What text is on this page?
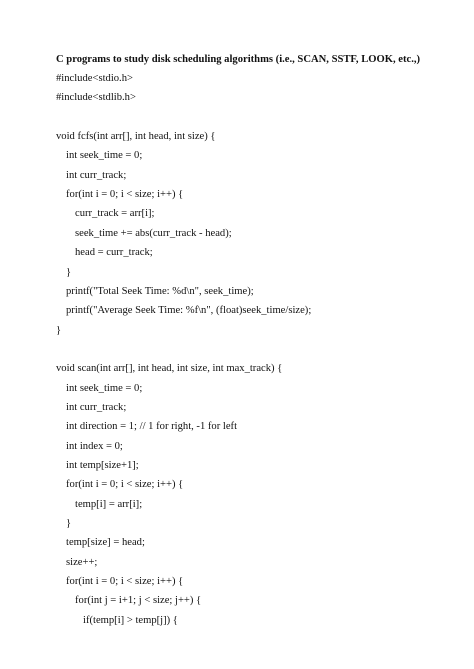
C programs to study disk scheduling algorithms (i.e., SCAN, SSTF, LOOK, etc.,)
#include<stdio.h>
#include<stdlib.h>
void fcfs(int arr[], int head, int size) {
int seek_time = 0;
int curr_track;
for(int i = 0; i < size; i++) {
curr_track = arr[i];
seek_time += abs(curr_track - head);
head = curr_track;
}
printf("Total Seek Time: %d\n", seek_time);
printf("Average Seek Time: %f\n", (float)seek_time/size);
}
void scan(int arr[], int head, int size, int max_track) {
int seek_time = 0;
int curr_track;
int direction = 1; // 1 for right, -1 for left
int index = 0;
int temp[size+1];
for(int i = 0; i < size; i++) {
temp[i] = arr[i];
}
temp[size] = head;
size++;
for(int i = 0; i < size; i++) {
for(int j = i+1; j < size; j++) {
if(temp[i] > temp[j]) {
